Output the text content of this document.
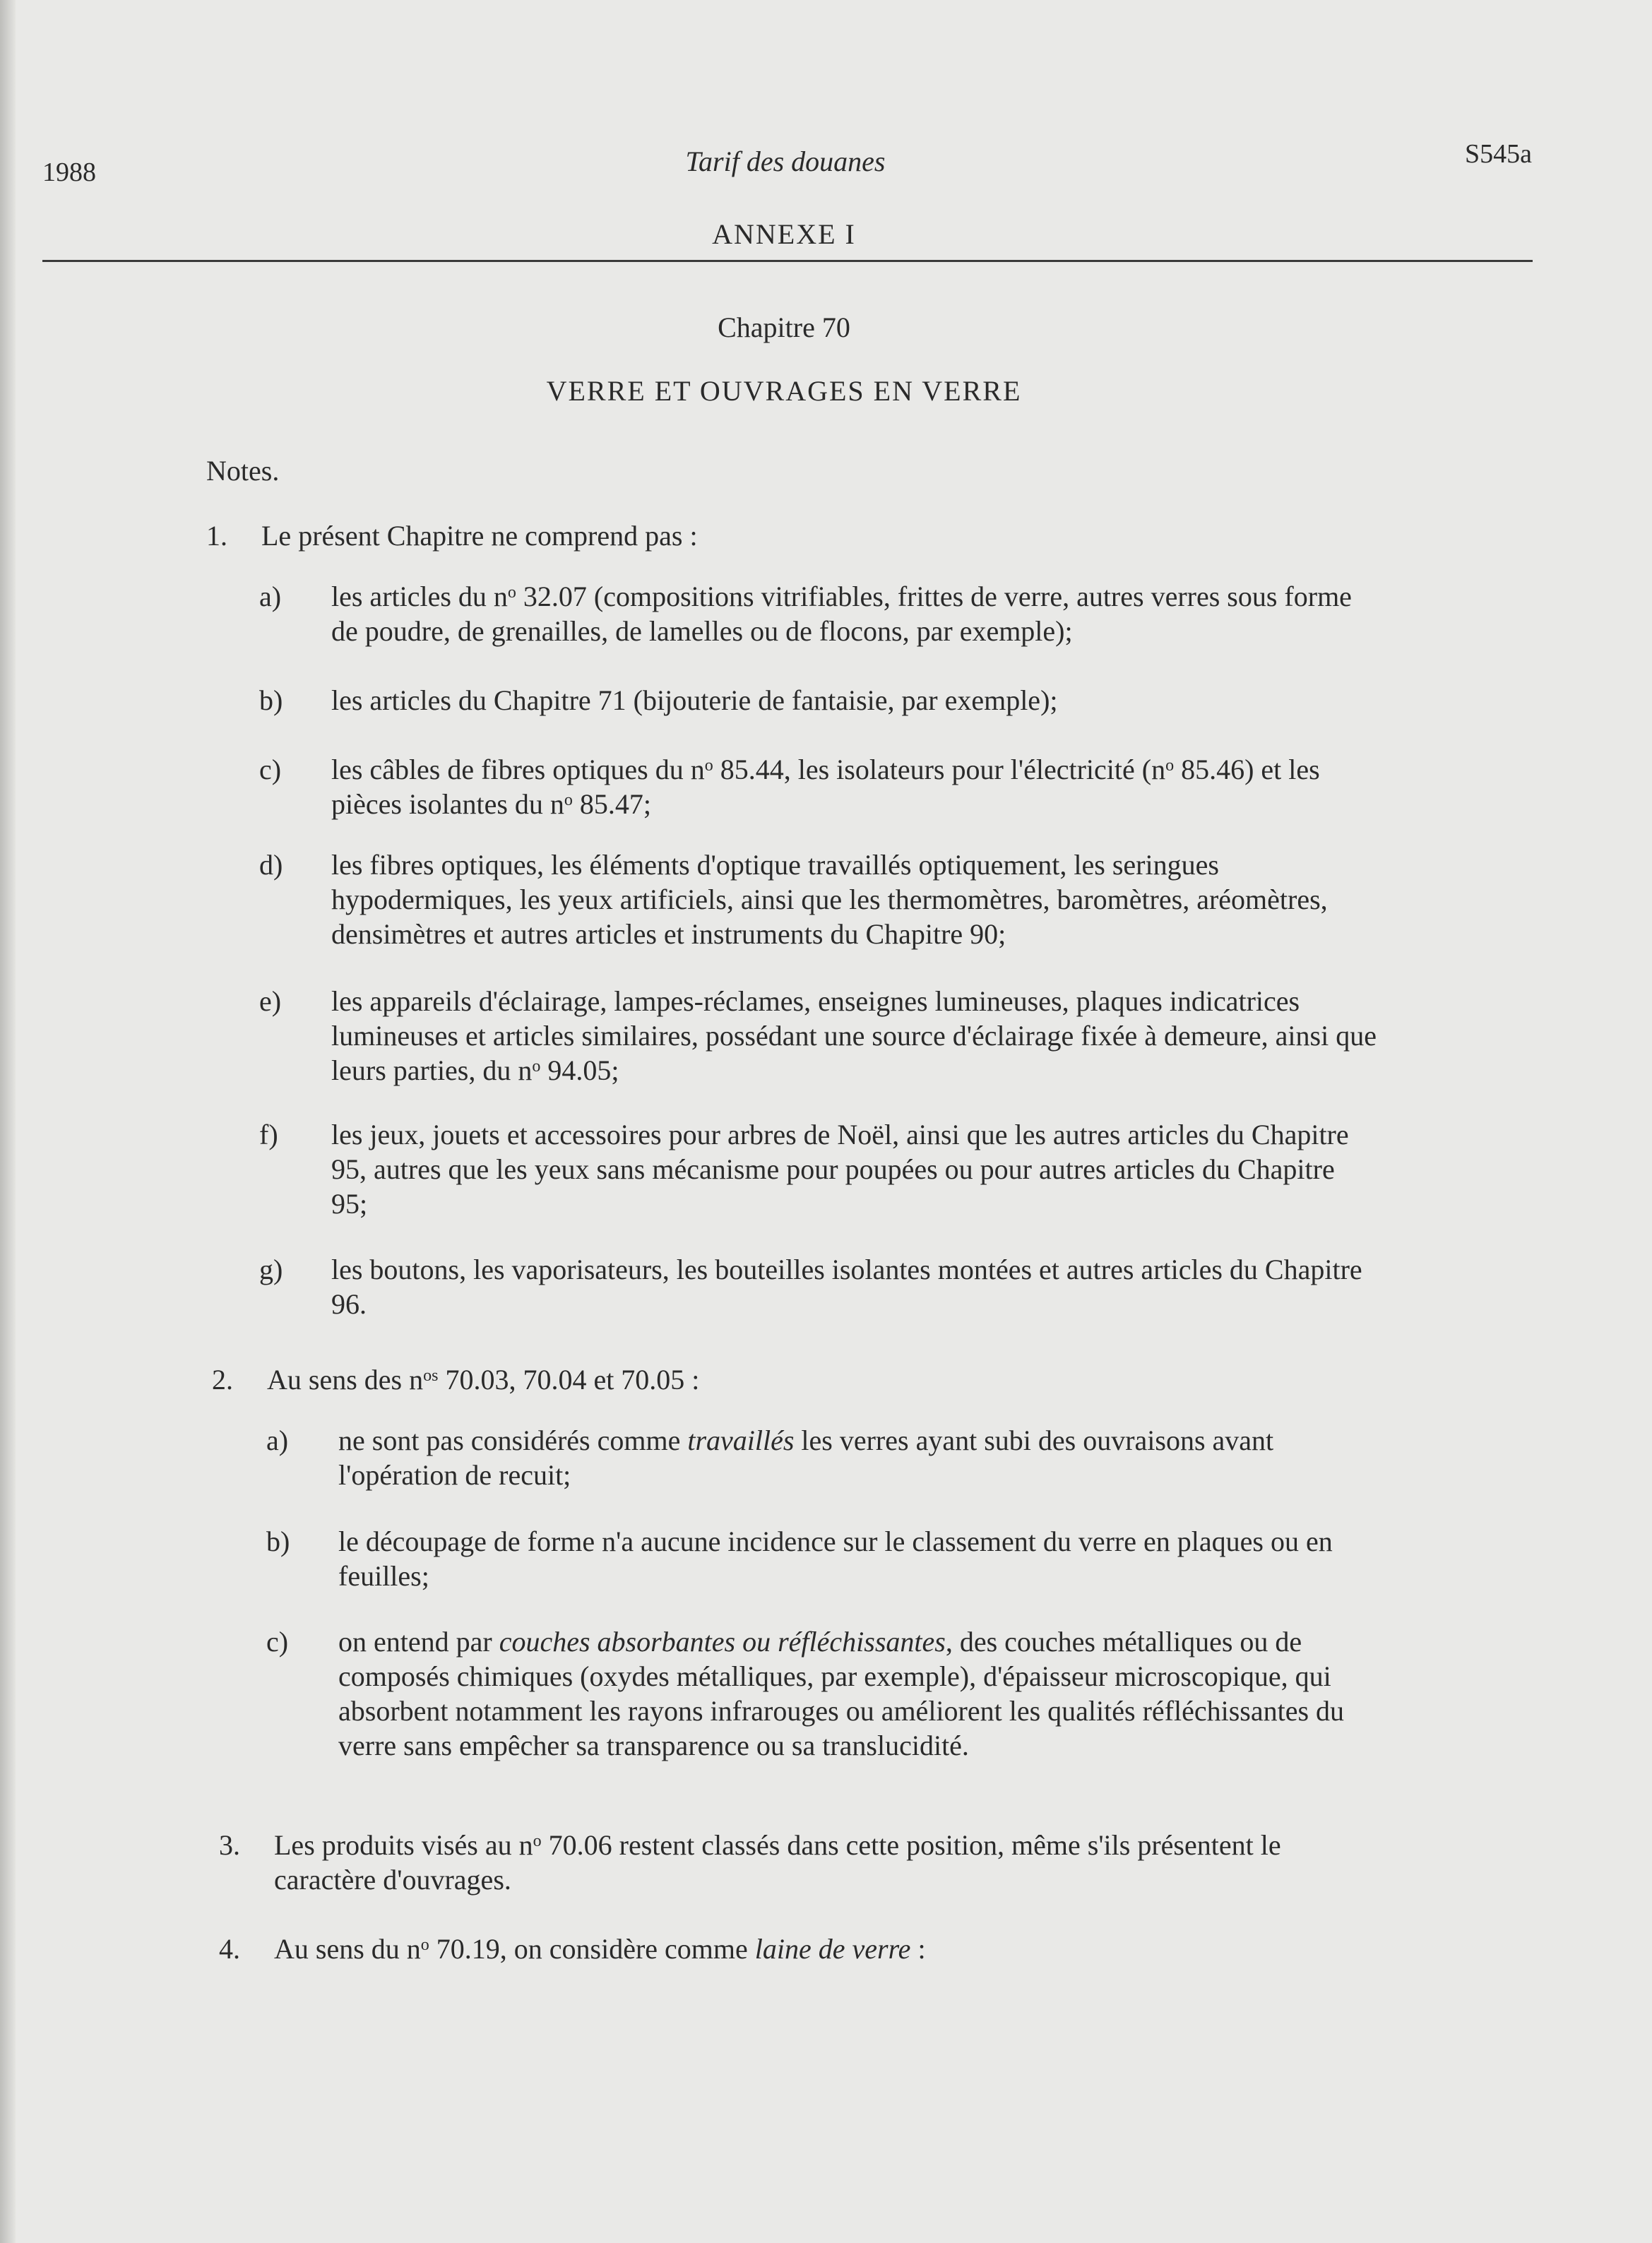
1988	Tarif des douanes	S545a
ANNEXE I
Chapitre 70
VERRE ET OUVRAGES EN VERRE
Notes.
1. Le présent Chapitre ne comprend pas :
a) les articles du $n^o$ 32.07 (compositions vitrifiables, frittes de verre, autres verres sous forme de poudre, de grenailles, de lamelles ou de flocons, par exemple);
b) les articles du Chapitre 71 (bijouterie de fantaisie, par exemple);
c) les câbles de fibres optiques du $n^o$ 85.44, les isolateurs pour l'électricité ($n^o$ 85.46) et les pièces isolantes du $n^o$ 85.47;
d) les fibres optiques, les éléments d'optique travaillés optiquement, les seringues hypodermiques, les yeux artificiels, ainsi que les thermomètres, baromètres, aréomètres, densimètres et autres articles et instruments du Chapitre 90;
e) les appareils d'éclairage, lampes-réclames, enseignes lumineuses, plaques indicatrices lumineuses et articles similaires, possédant une source d'éclairage fixée à demeure, ainsi que leurs parties, du $n^o$ 94.05;
f) les jeux, jouets et accessoires pour arbres de Noël, ainsi que les autres articles du Chapitre 95, autres que les yeux sans mécanisme pour poupées ou pour autres articles du Chapitre 95;
g) les boutons, les vaporisateurs, les bouteilles isolantes montées et autres articles du Chapitre 96.
2. Au sens des $n^{os}$ 70.03, 70.04 et 70.05 :
a) ne sont pas considérés comme travaillés les verres ayant subi des ouvraisons avant l'opération de recuit;
b) le découpage de forme n'a aucune incidence sur le classement du verre en plaques ou en feuilles;
c) on entend par couches absorbantes ou réfléchissantes, des couches métalliques ou de composés chimiques (oxydes métalliques, par exemple), d'épaisseur microscopique, qui absorbent notamment les rayons infrarouges ou améliorent les qualités réfléchissantes du verre sans empêcher sa transparence ou sa translucidité.
3. Les produits visés au $n^o$ 70.06 restent classés dans cette position, même s'ils présentent le caractère d'ouvrages.
4. Au sens du $n^o$ 70.19, on considère comme laine de verre :
